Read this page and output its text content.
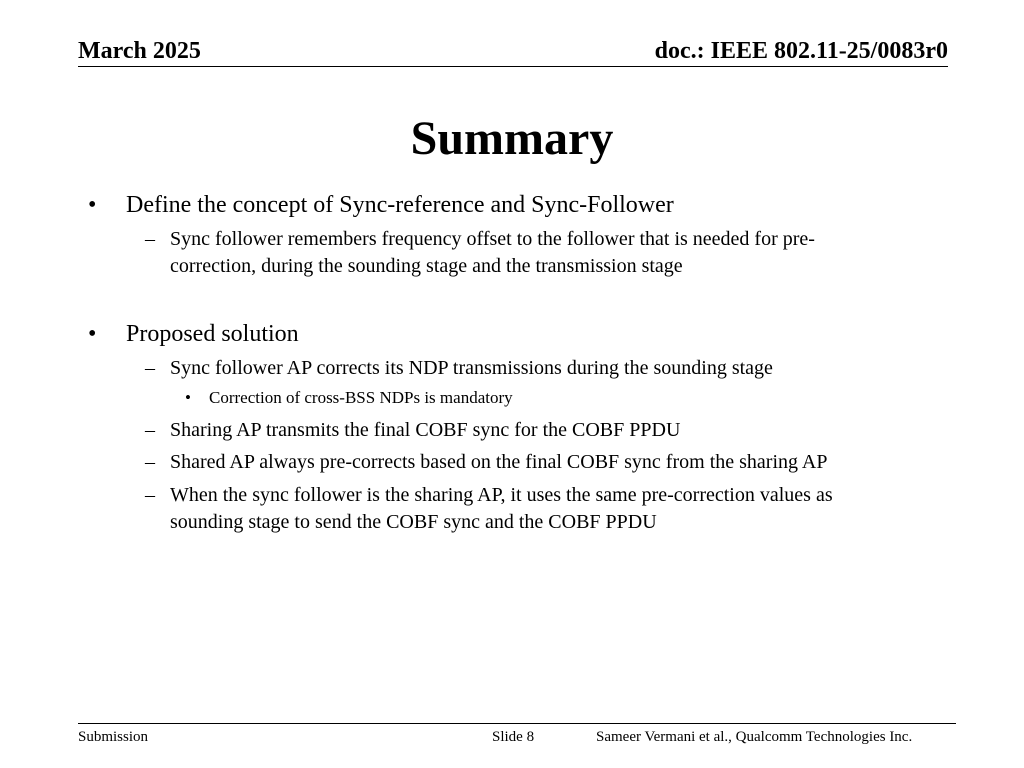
March 2025	doc.: IEEE 802.11-25/0083r0
Summary
• Define the concept of Sync-reference and Sync-Follower
– Sync follower remembers frequency offset to the follower that is needed for pre-
correction, during the sounding stage and the transmission stage
• Proposed solution
– Sync follower AP corrects its NDP transmissions during the sounding stage
• Correction of cross-BSS NDPs is mandatory
– Sharing AP transmits the final COBF sync for the COBF PPDU
– Shared AP always pre-corrects based on the final COBF sync from the sharing AP
– When the sync follower is the sharing AP, it uses the same pre-correction values as
sounding stage to send the COBF sync and the COBF PPDU
Submission	Slide 8	Sameer Vermani et al., Qualcomm Technologies Inc.
